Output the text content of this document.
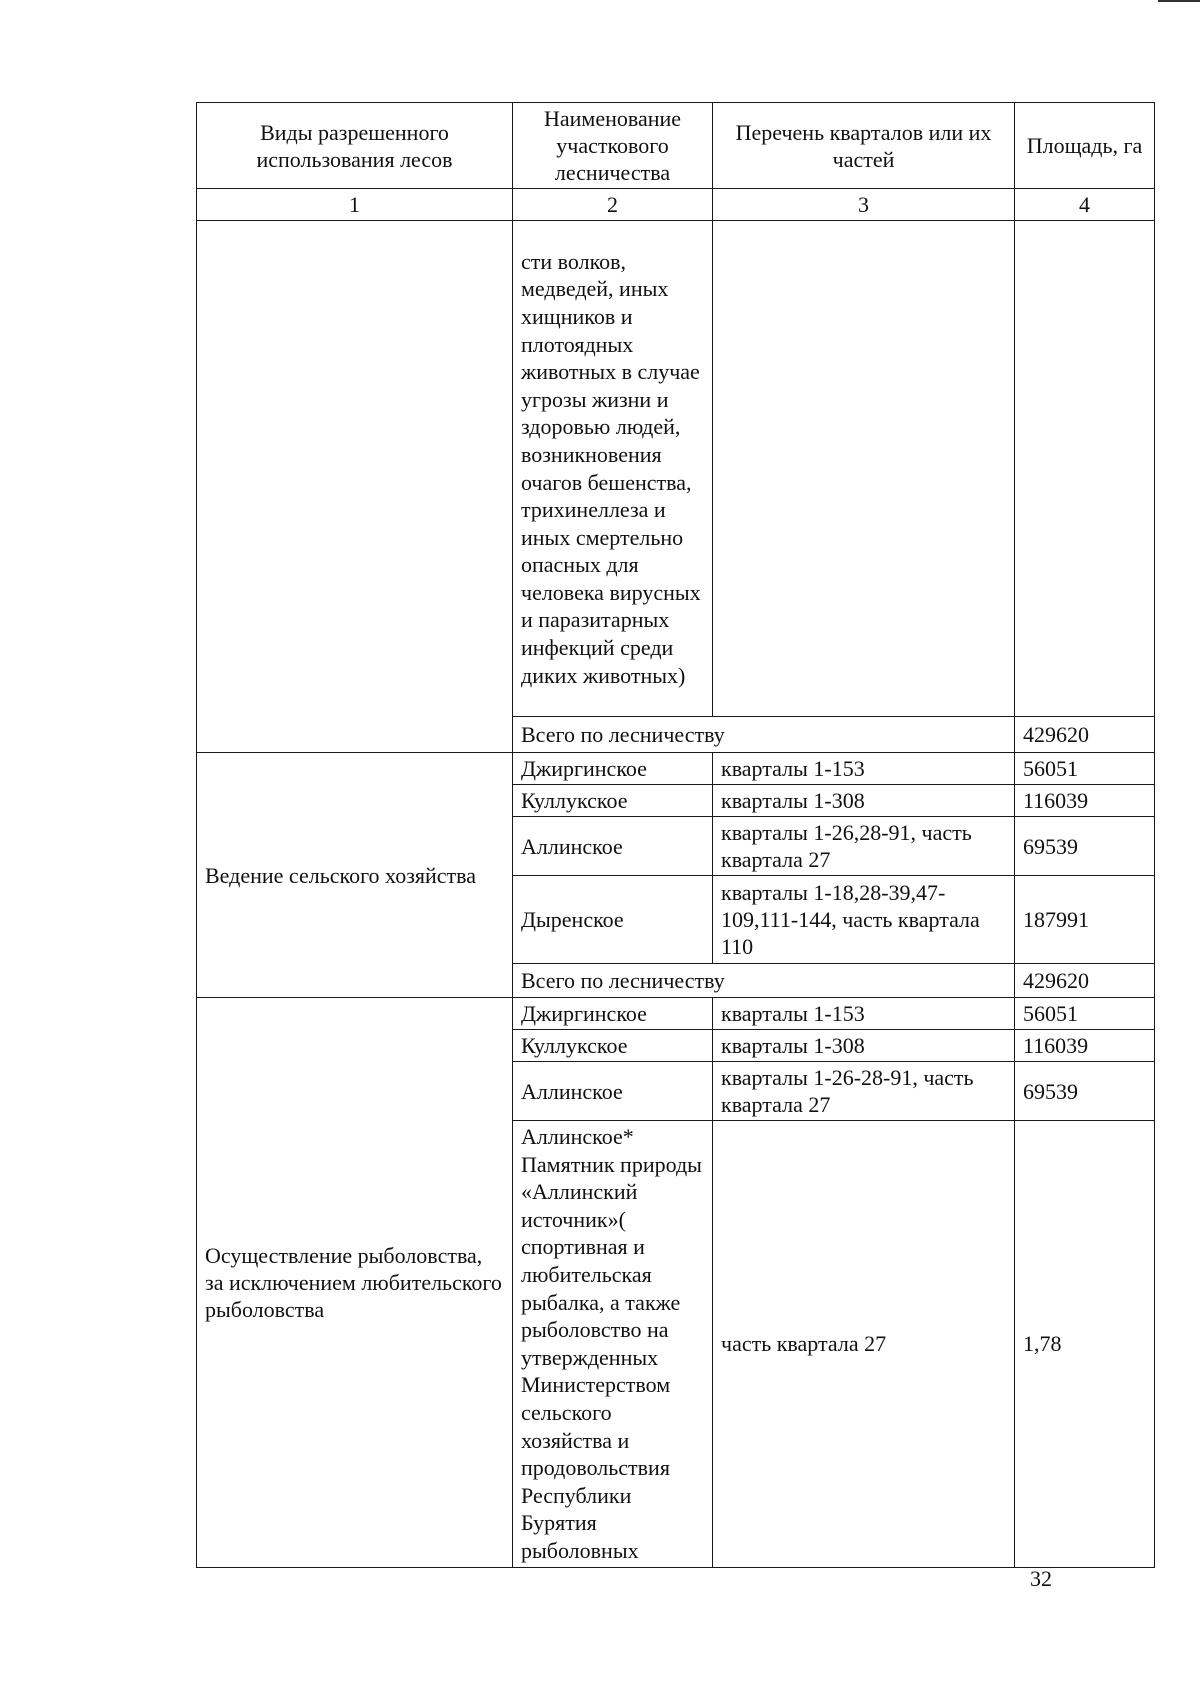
Виды разрешенного использования лесов	Наименование участкового лесничества	Перечень кварталов или их частей	Площадь, га
1	2	3	4
	сти волков, медведей, иных хищников и плотоядных животных в случае угрозы жизни и здоровью людей, возникновения очагов бешенства, трихинеллеза и иных смертельно опасных для человека вирусных и паразитарных инфекций среди диких животных)		
	Всего по лесничеству		429620
Ведение сельского хозяйства	Джиргинское	кварталы 1-153	56051
	Куллукское	кварталы 1-308	116039
	Аллинское	кварталы 1-26,28-91, часть квартала 27	69539
	Дыренское	кварталы 1-18,28-39,47-109,111-144, часть квартала 110	187991
	Всего по лесничеству		429620
Осуществление рыболовства, за исключением любительского рыболовства	Джиргинское	кварталы 1-153	56051
	Куллукское	кварталы 1-308	116039
	Аллинское	кварталы 1-26-28-91, часть квартала 27	69539
	Аллинское* Памятник природы «Аллинский источник»( спортивная и любительская рыбалка, а также рыболовство на утвержденных Министерством сельского хозяйства и продовольствия Республики Бурятия рыболовных	часть квартала 27	1,78
32
